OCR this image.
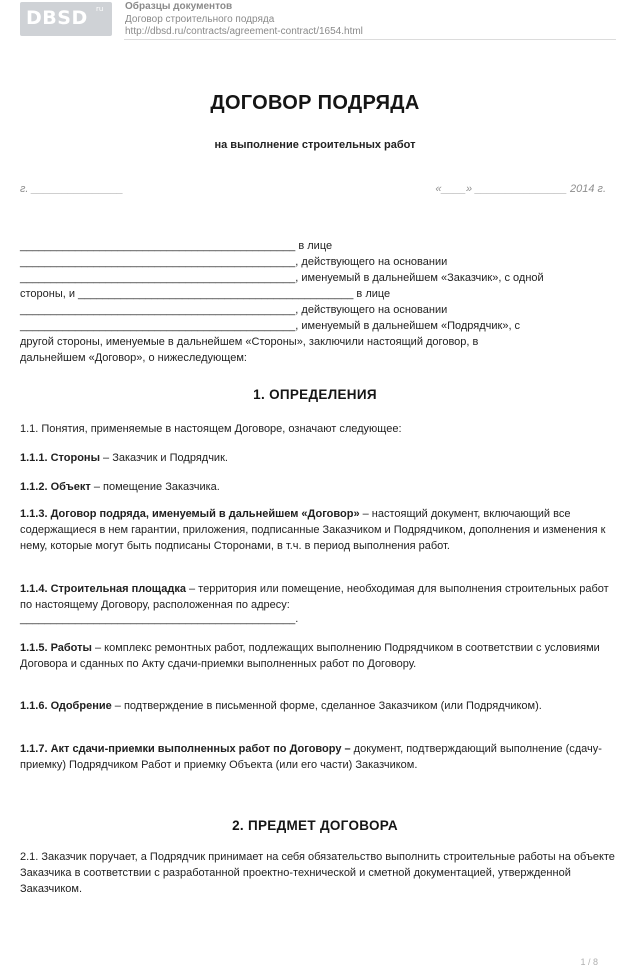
DBSD ru Образцы документов
Договор строительного подряда
http://dbsd.ru/contracts/agreement-contract/1654.html
ДОГОВОР ПОДРЯДА
на выполнение строительных работ
г. _______________	«____» _______________ 2014 г.
_____________________________________________ в лице
_____________________________________________, действующего на основании
_____________________________________________, именуемый в дальнейшем «Заказчик», с одной
стороны, и _____________________________________________ в лице
_____________________________________________, действующего на основании
_____________________________________________, именуемый в дальнейшем «Подрядчик», с
другой стороны, именуемые в дальнейшем «Стороны», заключили настоящий договор, в
дальнейшем «Договор», о нижеследующем:
1. ОПРЕДЕЛЕНИЯ
1.1. Понятия, применяемые в настоящем Договоре, означают следующее:
1.1.1. Стороны – Заказчик и Подрядчик.
1.1.2. Объект – помещение Заказчика.
1.1.3. Договор подряда, именуемый в дальнейшем «Договор» – настоящий документ, включающий все содержащиеся в нем гарантии, приложения, подписанные Заказчиком и Подрядчиком, дополнения и изменения к нему, которые могут быть подписаны Сторонами, в т.ч. в период выполнения работ.
1.1.4. Строительная площадка – территория или помещение, необходимая для выполнения строительных работ по настоящему Договору, расположенная по адресу:
_____________________________________________.
1.1.5. Работы – комплекс ремонтных работ, подлежащих выполнению Подрядчиком в соответствии с условиями Договора и сданных по Акту сдачи-приемки выполненных работ по Договору.
1.1.6. Одобрение – подтверждение в письменной форме, сделанное Заказчиком (или Подрядчиком).
1.1.7. Акт сдачи-приемки выполненных работ по Договору – документ, подтверждающий выполнение (сдачу-приемку) Подрядчиком Работ и приемку Объекта (или его части) Заказчиком.
2. ПРЕДМЕТ ДОГОВОРА
2.1. Заказчик поручает, а Подрядчик принимает на себя обязательство выполнить строительные работы на объекте Заказчика в соответствии с разработанной проектно-технической и сметной документацией, утвержденной Заказчиком.
1 / 8
